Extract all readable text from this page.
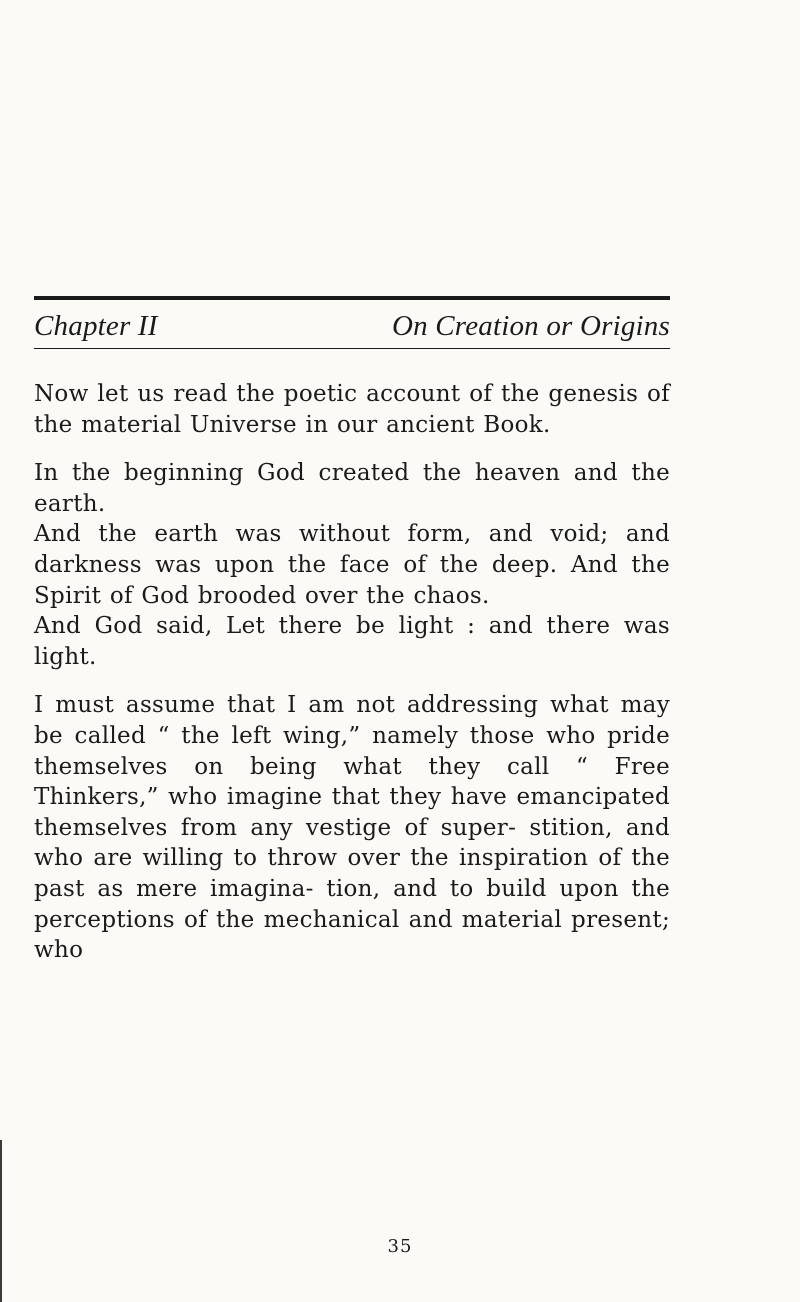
Chapter II	On Creation or Origins

Now let us read the poetic account of the genesis of the material Universe in our ancient Book.

In the beginning God created the heaven and the earth.

And the earth was without form, and void; and darkness was upon the face of the deep. And the Spirit of God brooded over the chaos.

And God said, Let there be light : and there was light.

I must assume that I am not addressing what may be called “ the left wing,” namely those who pride themselves on being what they call “ Free Thinkers,” who imagine that they have emancipated themselves from any vestige of super- stition, and who are willing to throw over the inspiration of the past as mere imagina- tion, and to build upon the perceptions of the mechanical and material present; who

35
